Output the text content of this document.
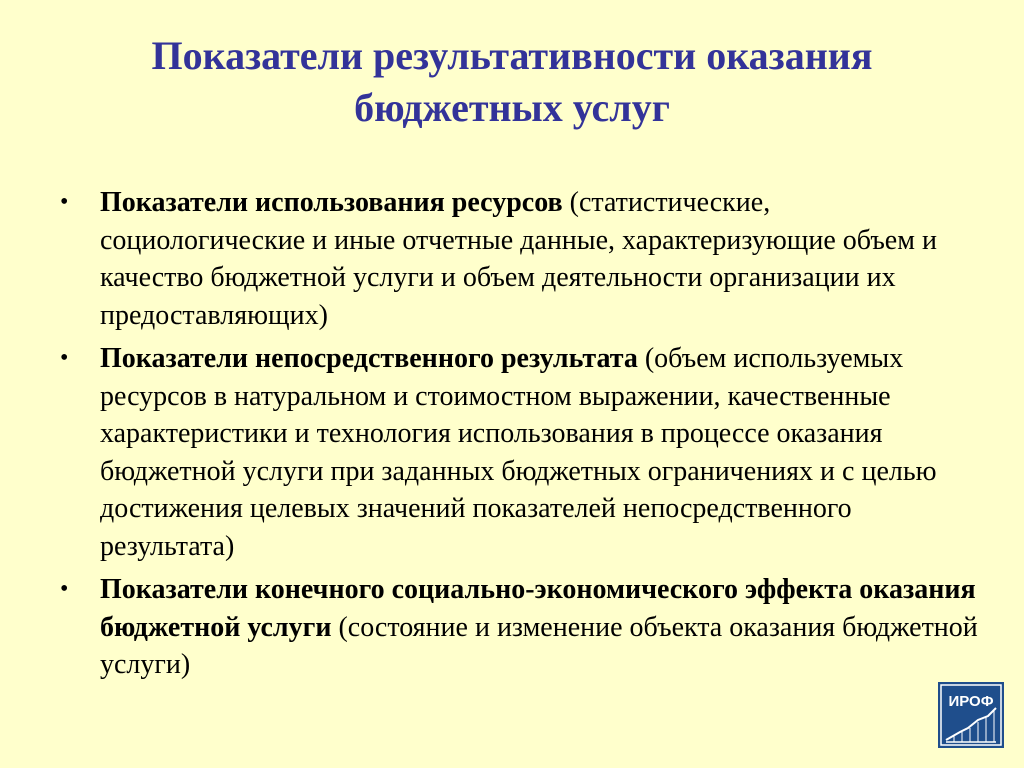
Показатели результативности оказания
бюджетных услуг
•	Показатели использования ресурсов (статистические, социологические и иные отчетные данные, характеризующие объем и качество бюджетной услуги и объем деятельности организации их предоставляющих)
•	Показатели непосредственного результата (объем используемых ресурсов в натуральном и стоимостном выражении, качественные характеристики и технология использования в процессе оказания бюджетной услуги при заданных бюджетных ограничениях и с целью достижения целевых значений показателей непосредственного результата)
•	Показатели конечного социально-экономического эффекта оказания бюджетной услуги (состояние и изменение объекта оказания бюджетной услуги)
ИРОФ
